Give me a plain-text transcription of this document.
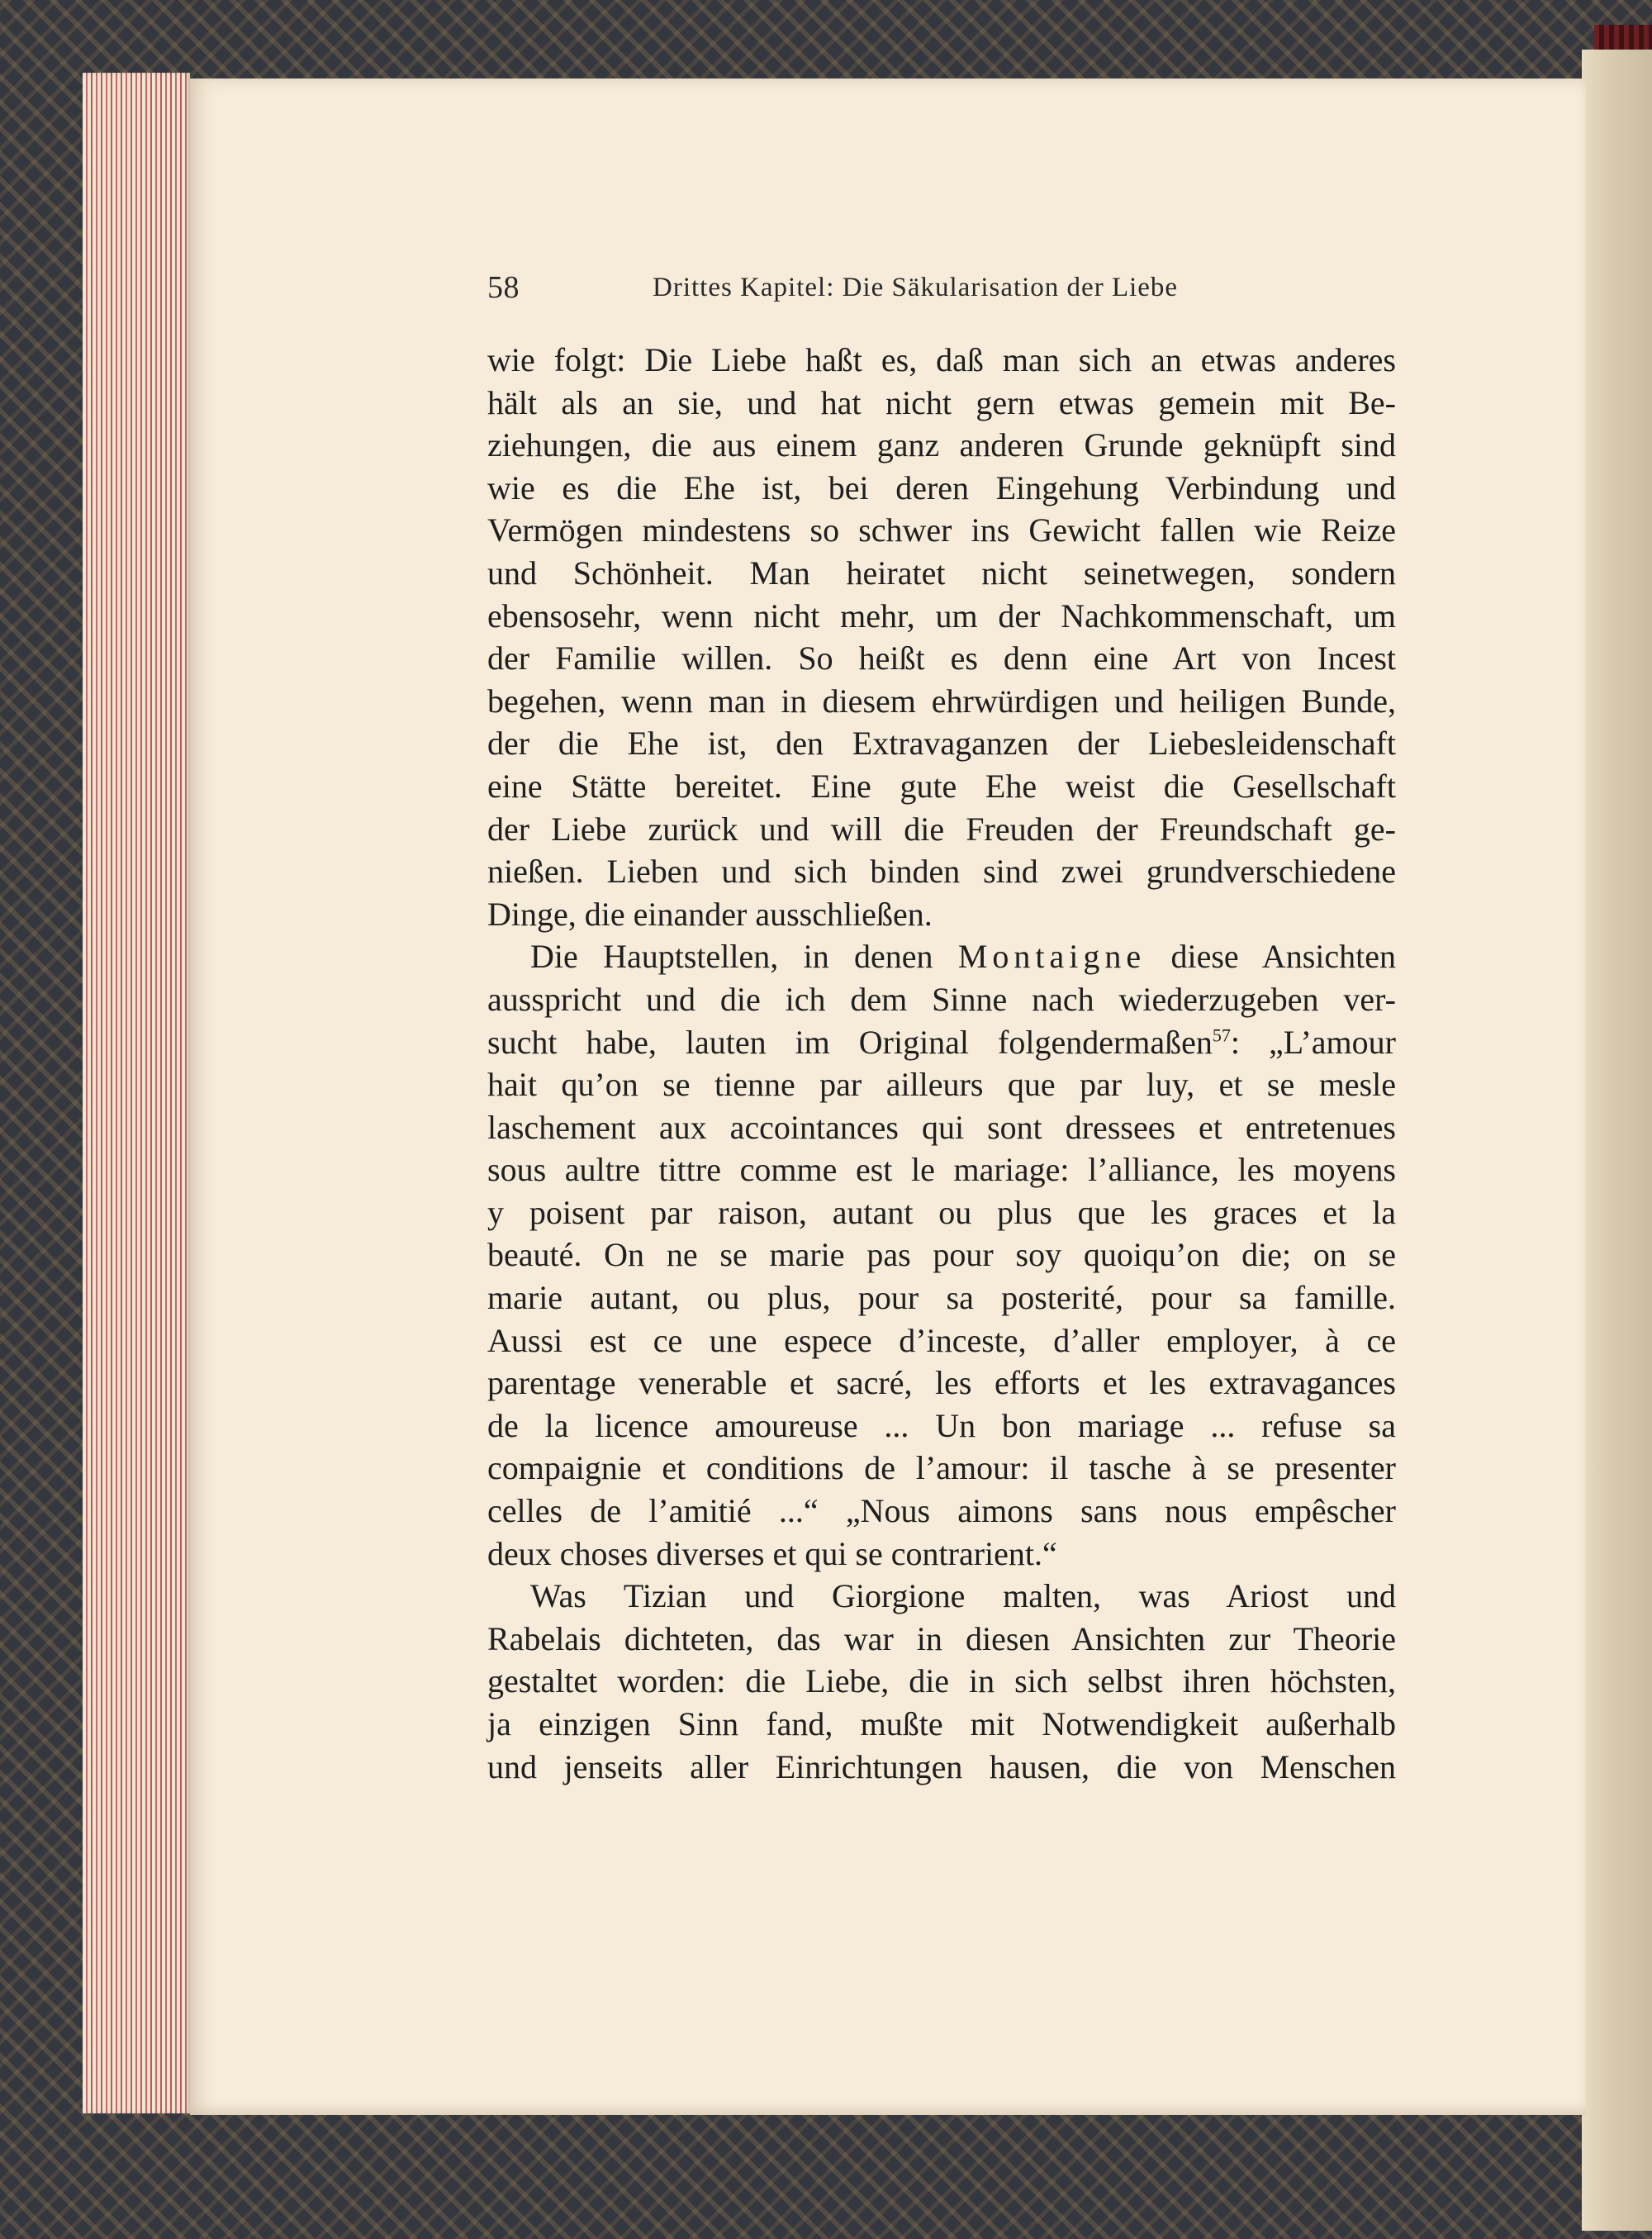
58	Drittes Kapitel: Die Säkularisation der Liebe
wie folgt: Die Liebe haßt es, daß man sich an etwas anderes
hält als an sie, und hat nicht gern etwas gemein mit Be-
ziehungen, die aus einem ganz anderen Grunde geknüpft sind
wie es die Ehe ist, bei deren Eingehung Verbindung und
Vermögen mindestens so schwer ins Gewicht fallen wie Reize
und Schönheit. Man heiratet nicht seinetwegen, sondern
ebensosehr, wenn nicht mehr, um der Nachkommenschaft, um
der Familie willen. So heißt es denn eine Art von Incest
begehen, wenn man in diesem ehrwürdigen und heiligen Bunde,
der die Ehe ist, den Extravaganzen der Liebesleidenschaft
eine Stätte bereitet. Eine gute Ehe weist die Gesellschaft
der Liebe zurück und will die Freuden der Freundschaft ge-
nießen. Lieben und sich binden sind zwei grundverschiedene
Dinge, die einander ausschließen.
Die Hauptstellen, in denen Montaigne diese Ansichten
ausspricht und die ich dem Sinne nach wiederzugeben ver-
sucht habe, lauten im Original folgendermaßen$^{57}$: „L’amour
hait qu’on se tienne par ailleurs que par luy, et se mesle
laschement aux accointances qui sont dressees et entretenues
sous aultre tittre comme est le mariage: l’alliance, les moyens
y poisent par raison, autant ou plus que les graces et la
beauté. On ne se marie pas pour soy quoiqu’on die; on se
marie autant, ou plus, pour sa posterité, pour sa famille.
Aussi est ce une espece d’inceste, d’aller employer, à ce
parentage venerable et sacré, les efforts et les extravagances
de la licence amoureuse ... Un bon mariage ... refuse sa
compaignie et conditions de l’amour: il tasche à se presenter
celles de l’amitié ...“ „Nous aimons sans nous empêscher
deux choses diverses et qui se contrarient.“
Was Tizian und Giorgione malten, was Ariost und
Rabelais dichteten, das war in diesen Ansichten zur Theorie
gestaltet worden: die Liebe, die in sich selbst ihren höchsten,
ja einzigen Sinn fand, mußte mit Notwendigkeit außerhalb
und jenseits aller Einrichtungen hausen, die von Menschen
